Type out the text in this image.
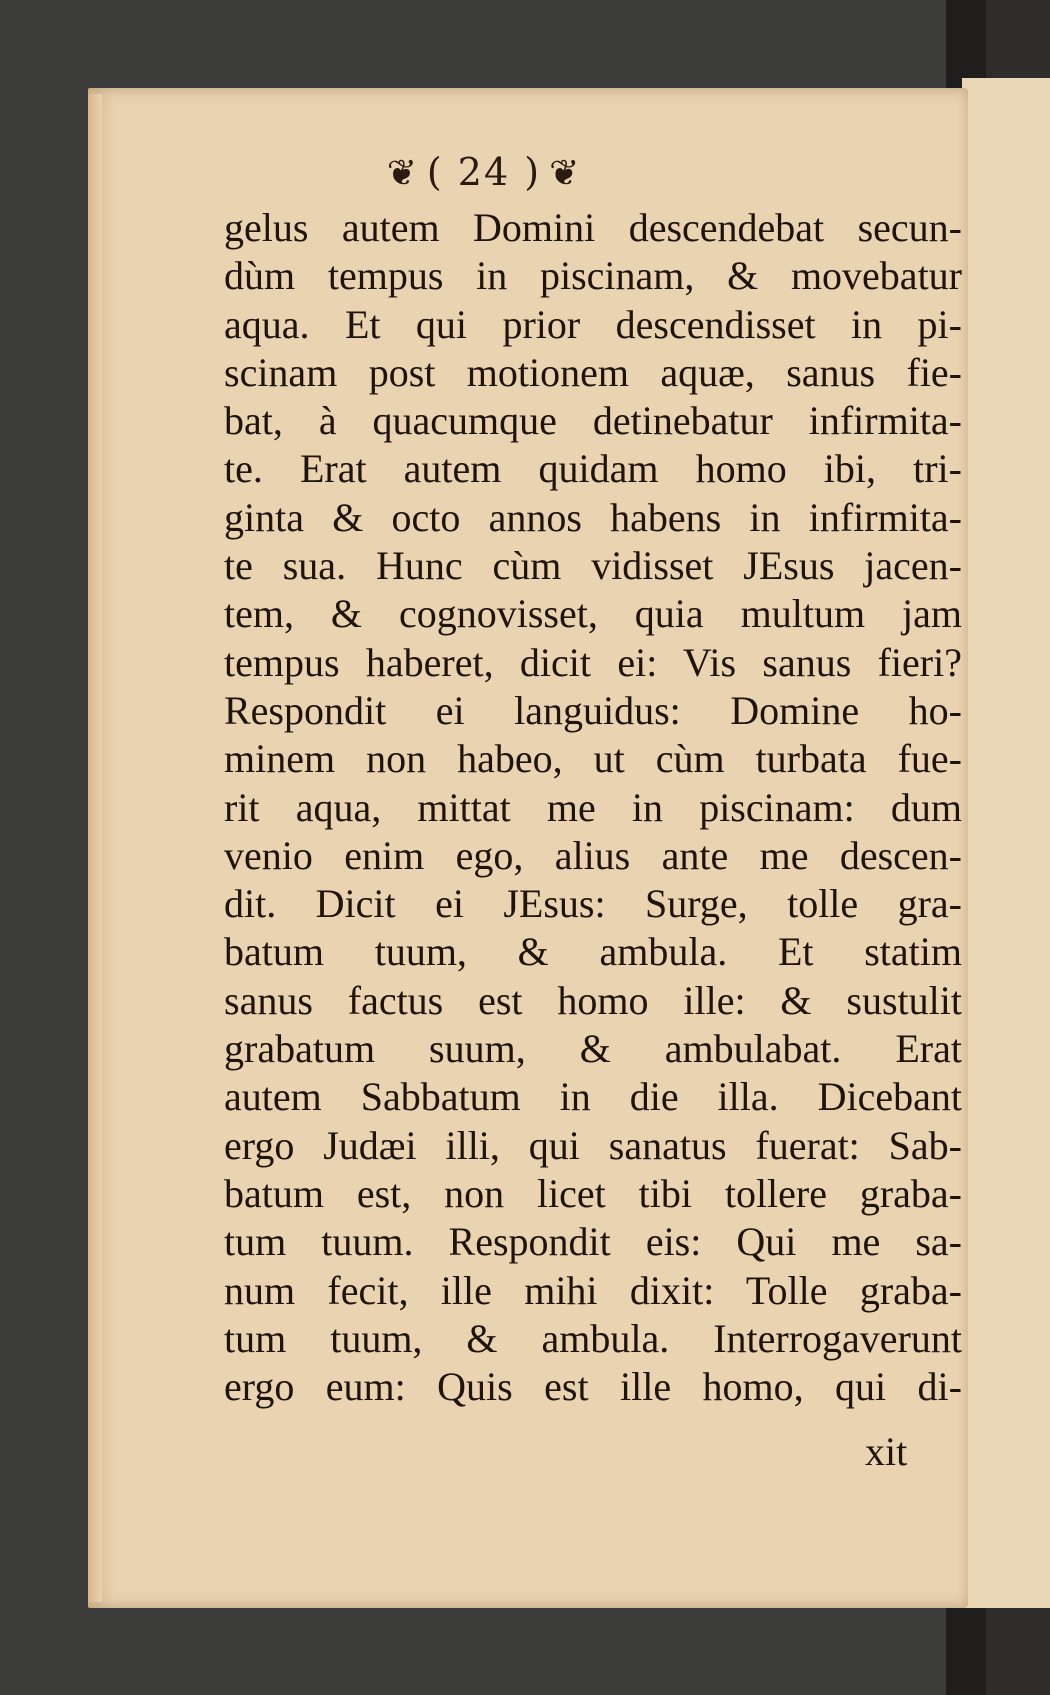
❦ ( 24 ) ❦
gelus autem Domini descendebat secun-
dùm tempus in piscinam, & movebatur
aqua. Et qui prior descendisset in pi-
scinam post motionem aquæ, sanus fie-
bat, à quacumque detinebatur infirmita-
te. Erat autem quidam homo ibi, tri-
ginta & octo annos habens in infirmita-
te sua. Hunc cùm vidisset JEsus jacen-
tem, & cognovisset, quia multum jam
tempus haberet, dicit ei: Vis sanus fieri?
Respondit ei languidus: Domine ho-
minem non habeo, ut cùm turbata fue-
rit aqua, mittat me in piscinam: dum
venio enim ego, alius ante me descen-
dit. Dicit ei JEsus: Surge, tolle gra-
batum tuum, & ambula. Et statim
sanus factus est homo ille: & sustulit
grabatum suum, & ambulabat. Erat
autem Sabbatum in die illa. Dicebant
ergo Judæi illi, qui sanatus fuerat: Sab-
batum est, non licet tibi tollere graba-
tum tuum. Respondit eis: Qui me sa-
num fecit, ille mihi dixit: Tolle graba-
tum tuum, & ambula. Interrogaverunt
ergo eum: Quis est ille homo, qui di-
xit
